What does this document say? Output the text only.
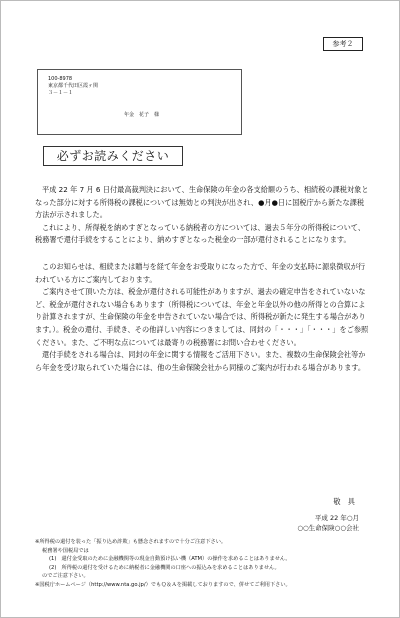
参考２
100-8978
東京都千代田区霞ヶ関
３－１－１
年金　花子　様
必ずお読みください

平成 22 年 7 月 6 日付最高裁判決において、生命保険の年金の各支給額のうち、相続税の課税対象となった部分に対する所得税の課税については無効との判決が出され、●月●日に国税庁から新たな課税方法が示されました。

これにより、所得税を納めすぎとなっている納税者の方については、過去５年分の所得税について、税務署で還付手続をすることにより、納めすぎとなった税金の一部が還付されることになります。

このお知らせは、相続または贈与を経て年金をお受取りになった方で、年金の支払時に源泉徴収が行われている方にご案内しております。

ご案内させて頂いた方は、税金が還付される可能性がありますが、過去の確定申告をされていないなど、税金が還付されない場合もあります（所得税については、年金と年金以外の他の所得との合算により計算されますが、生命保険の年金を申告されていない場合では、所得税が新たに発生する場合があります。）。税金の還付、手続き、その他詳しい内容につきましては、同封の「・・・」「・・・」をご参照ください。また、ご不明な点については最寄りの税務署にお問い合わせください。

還付手続をされる場合は、同封の年金に関する情報をご活用下さい。また、複数の生命保険会社等から年金を受け取られていた場合には、他の生命保険会社から同様のご案内が行われる場合があります。

敬　具
平成 22 年○月
○○生命保険○○会社
※所得税の還付を装った「振り込め詐欺」も懸念されますので十分ご注意下さい。
税務署や国税局では
(1)　還付金受取のために金融機関等の現金自動預け払い機（ATM）の操作を求めることはありません。
(2)　所得税の還付を受けるために納税者に金融機関の口座への振込みを求めることはありません。
のでご注意下さい。
※国税庁ホームページ（http://www.nta.go.jp/）でもＱ＆Ａを掲載しておりますので、併せてご利用下さい。
